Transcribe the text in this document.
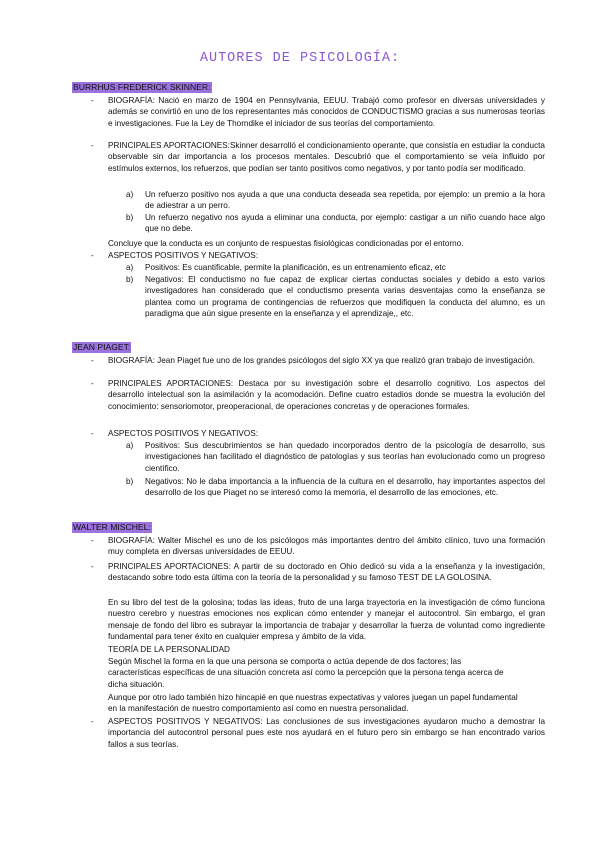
AUTORES DE PSICOLOGÍA:
BURRHUS FREDERICK SKINNER:
- BIOGRAFÍA: Nació en marzo de 1904 en Pennsylvania, EEUU. Trabajó como profesor en diversas universidades y además se convirtió en uno de los representantes más conocidos de CONDUCTISMO gracias a sus numerosas teorías e investigaciones. Fue la Ley de Thorndike el iniciador de sus teorías del comportamiento.
- PRINCIPALES APORTACIONES:Skinner desarrolló el condicionamiento operante, que consistía en estudiar la conducta observable sin dar importancia a los procesos mentales. Descubrió que el comportamiento se veía influido por estímulos externos, los refuerzos, que podían ser tanto positivos como negativos, y por tanto podía ser modificado.
a) Un refuerzo positivo nos ayuda a que una conducta deseada sea repetida, por ejemplo: un premio a la hora de adiestrar a un perro.
b) Un refuerzo negativo nos ayuda a eliminar una conducta, por ejemplo: castigar a un niño cuando hace algo que no debe.
Concluye que la conducta es un conjunto de respuestas fisiológicas condicionadas por el entorno.
- ASPECTOS POSITIVOS Y NEGATIVOS:
a) Positivos: Es cuantificable, permite la planificación, es un entrenamiento eficaz, etc
b) Negativos: El conductismo no fue capaz de explicar ciertas conductas sociales y debido a esto varios investigadores han considerado que el conductismo presenta varias desventajas como la enseñanza se plantea como un programa de contingencias de refuerzos que modifiquen la conducta del alumno, es un paradigma que aún sigue presente en la enseñanza y el aprendizaje,, etc.
JEAN PIAGET:
- BIOGRAFÍA: Jean Piaget fue uno de los grandes psicólogos del siglo XX ya que realizó gran trabajo de investigación.
- PRINCIPALES APORTACIONES: Destaca por su investigación sobre el desarrollo cognitivo. Los aspectos del desarrollo intelectual son la asimilación y la acomodación. Define cuatro estadios donde se muestra la evolución del conocimiento: sensoriomotor, preoperacional, de operaciones concretas y de operaciones formales.
- ASPECTOS POSITIVOS Y NEGATIVOS:
a) Positivos: Sus descubrimientos se han quedado incorporados dentro de la psicología de desarrollo, sus investigaciones han facilitado el diagnóstico de patologías y sus teorías han evolucionado como un progreso científico.
b) Negativos: No le daba importancia a la influencia de la cultura en el desarrollo, hay importantes aspectos del desarrollo de los que Piaget no se interesó como la memoria, el desarrollo de las emociones, etc.
WALTER MISCHEL:
- BIOGRAFÍA: Walter Mischel es uno de los psicólogos más importantes dentro del ámbito clínico, tuvo una formación muy completa en diversas universidades de EEUU.
- PRINCIPALES APORTACIONES: A partir de su doctorado en Ohio dedicó su vida a la enseñanza y la investigación, destacando sobre todo esta última con la teoría de la personalidad y su famoso TEST DE LA GOLOSINA.
En su libro del test de la golosina; todas las ideas, fruto de una larga trayectoria en la investigación de cómo funciona nuestro cerebro y nuestras emociones nos explican cómo entender y manejar el autocontrol. Sin embargo, el gran mensaje de fondo del libro es subrayar la importancia de trabajar y desarrollar la fuerza de voluntad como ingrediente fundamental para tener éxito en cualquier empresa y ámbito de la vida.
TEORÍA DE LA PERSONALIDAD
Según Mischel la forma en la que una persona se comporta o actúa depende de dos factores; las características específicas de una situación concreta así como la percepción que la persona tenga acerca de dicha situación.
Aunque por otro lado también hizo hincapié en que nuestras expectativas y valores juegan un papel fundamental en la manifestación de nuestro comportamiento así como en nuestra personalidad.
- ASPECTOS POSITIVOS Y NEGATIVOS: Las conclusiones de sus investigaciones ayudaron mucho a demostrar la importancia del autocontrol personal pues este nos ayudará en el futuro pero sin embargo se han encontrado varios fallos a sus teorías.
